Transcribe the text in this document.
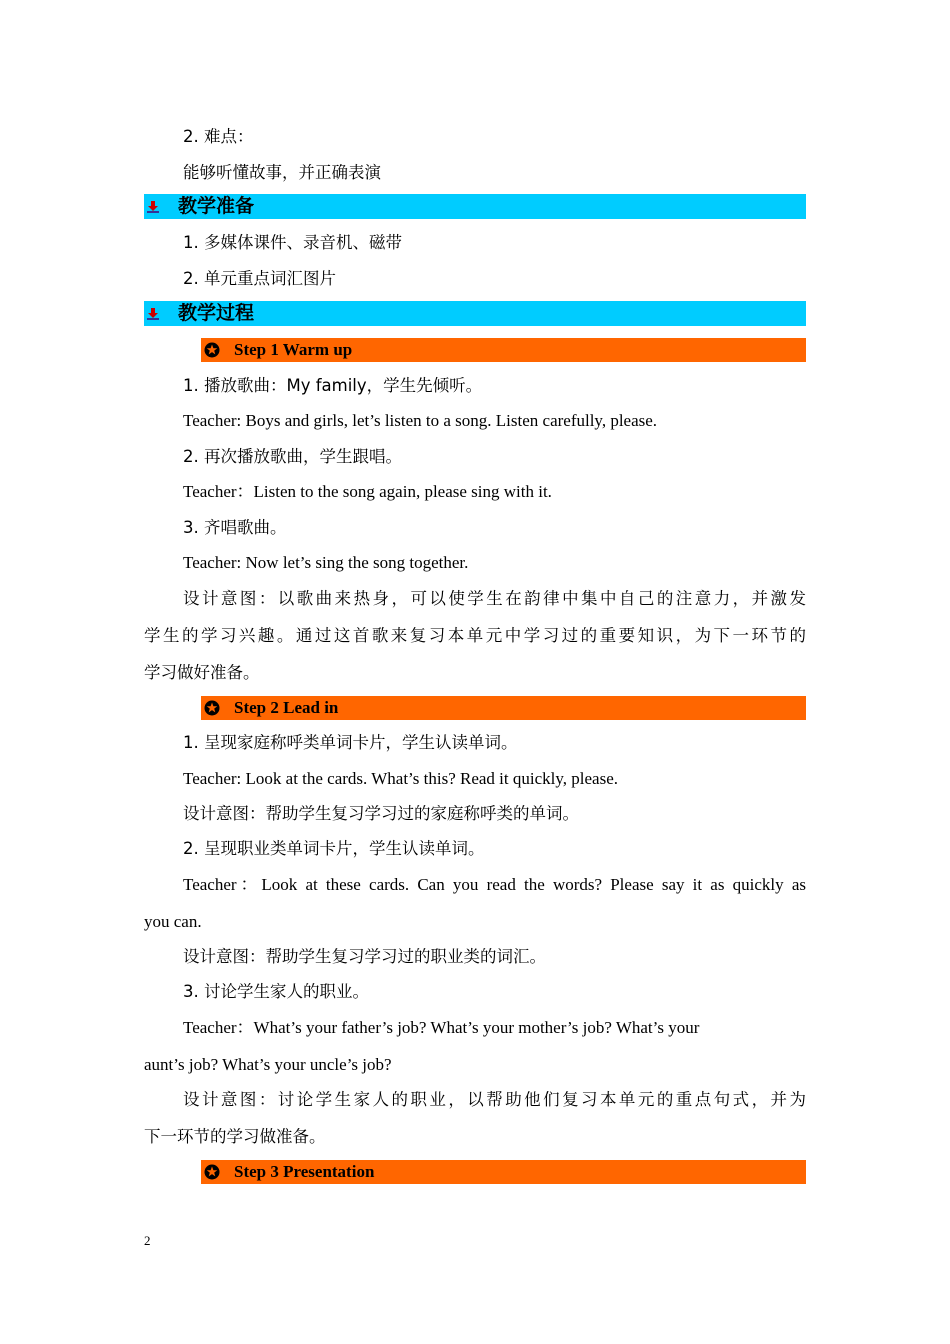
2. 难点：
能够听懂故事，并正确表演
教学准备
1. 多媒体课件、录音机、磁带
2. 单元重点词汇图片
教学过程
Step 1 Warm up
1. 播放歌曲：My family，学生先倾听。
Teacher: Boys and girls, let’s listen to a song. Listen carefully, please.
2. 再次播放歌曲，学生跟唱。
Teacher：Listen to the song again, please sing with it.
3. 齐唱歌曲。
Teacher: Now let’s sing the song together.
设计意图：以歌曲来热身，可以使学生在韵律中集中自己的注意力，并激发
学生的学习兴趣。通过这首歌来复习本单元中学习过的重要知识，为下一环节的
学习做好准备。
Step 2 Lead in
1. 呈现家庭称呼类单词卡片，学生认读单词。
Teacher: Look at the cards. What’s this? Read it quickly, please.
设计意图：帮助学生复习学习过的家庭称呼类的单词。
2. 呈现职业类单词卡片，学生认读单词。
Teacher：Look at these cards. Can you read the words? Please say it as quickly as
you can.
设计意图：帮助学生复习学习过的职业类的词汇。
3. 讨论学生家人的职业。
Teacher：What’s your father’s job? What’s your mother’s job? What’s your
aunt’s job? What’s your uncle’s job?
设计意图：讨论学生家人的职业，以帮助他们复习本单元的重点句式，并为
下一环节的学习做准备。
Step 3 Presentation
2
